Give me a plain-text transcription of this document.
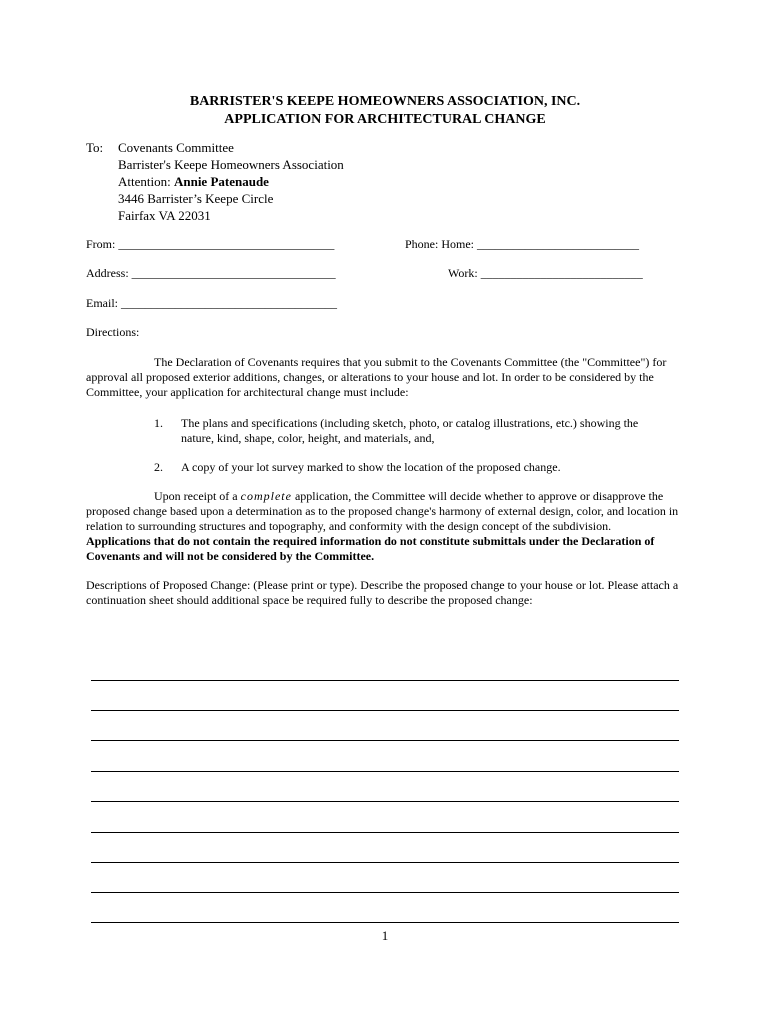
BARRISTER'S KEEPE HOMEOWNERS ASSOCIATION, INC.
APPLICATION FOR ARCHITECTURAL CHANGE
To: Covenants Committee
Barrister's Keepe Homeowners Association
Attention: Annie Patenaude
3446 Barrister’s Keepe Circle
Fairfax VA 22031
From: ____________________________________	Phone: Home: ___________________________
Address: __________________________________	Work: ___________________________
Email: ____________________________________
Directions:
The Declaration of Covenants requires that you submit to the Covenants Committee (the "Committee") for approval all proposed exterior additions, changes, or alterations to your house and lot. In order to be considered by the Committee, your application for architectural change must include:
1. The plans and specifications (including sketch, photo, or catalog illustrations, etc.) showing the
nature, kind, shape, color, height, and materials, and,
2. A copy of your lot survey marked to show the location of the proposed change.
Upon receipt of a complete application, the Committee will decide whether to approve or disapprove the proposed change based upon a determination as to the proposed change's harmony of external design, color, and location in relation to surrounding structures and topography, and conformity with the design concept of the subdivision.
Applications that do not contain the required information do not constitute submittals under the Declaration of Covenants and will not be considered by the Committee.
Descriptions of Proposed Change: (Please print or type). Describe the proposed change to your house or lot. Please attach a continuation sheet should additional space be required fully to describe the proposed change:
1
